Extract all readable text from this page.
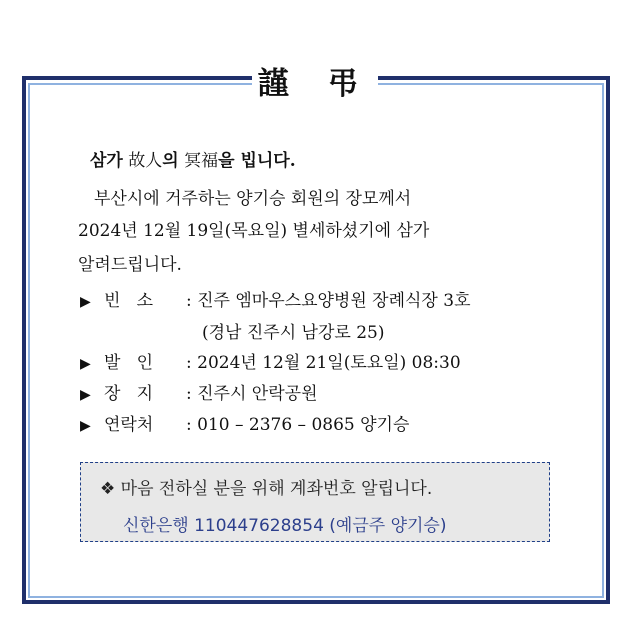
謹 弔
삼가 故人의 冥福을 빕니다.
부산시에 거주하는 양기승 회원의 장모께서
2024년 12월 19일(목요일) 별세하셨기에 삼가
알려드립니다.
▶ 빈   소 : 진주 엠마우스요양병원 장례식장 3호
(경남 진주시 남강로 25)
▶ 발   인 : 2024년 12월 21일(토요일) 08:30
▶ 장   지 : 진주시 안락공원
▶ 연락처 : 010 – 2376 – 0865 양기승
❖ 마음 전하실 분을 위해 계좌번호 알립니다.
신한은행 110447628854 (예금주 양기승)
